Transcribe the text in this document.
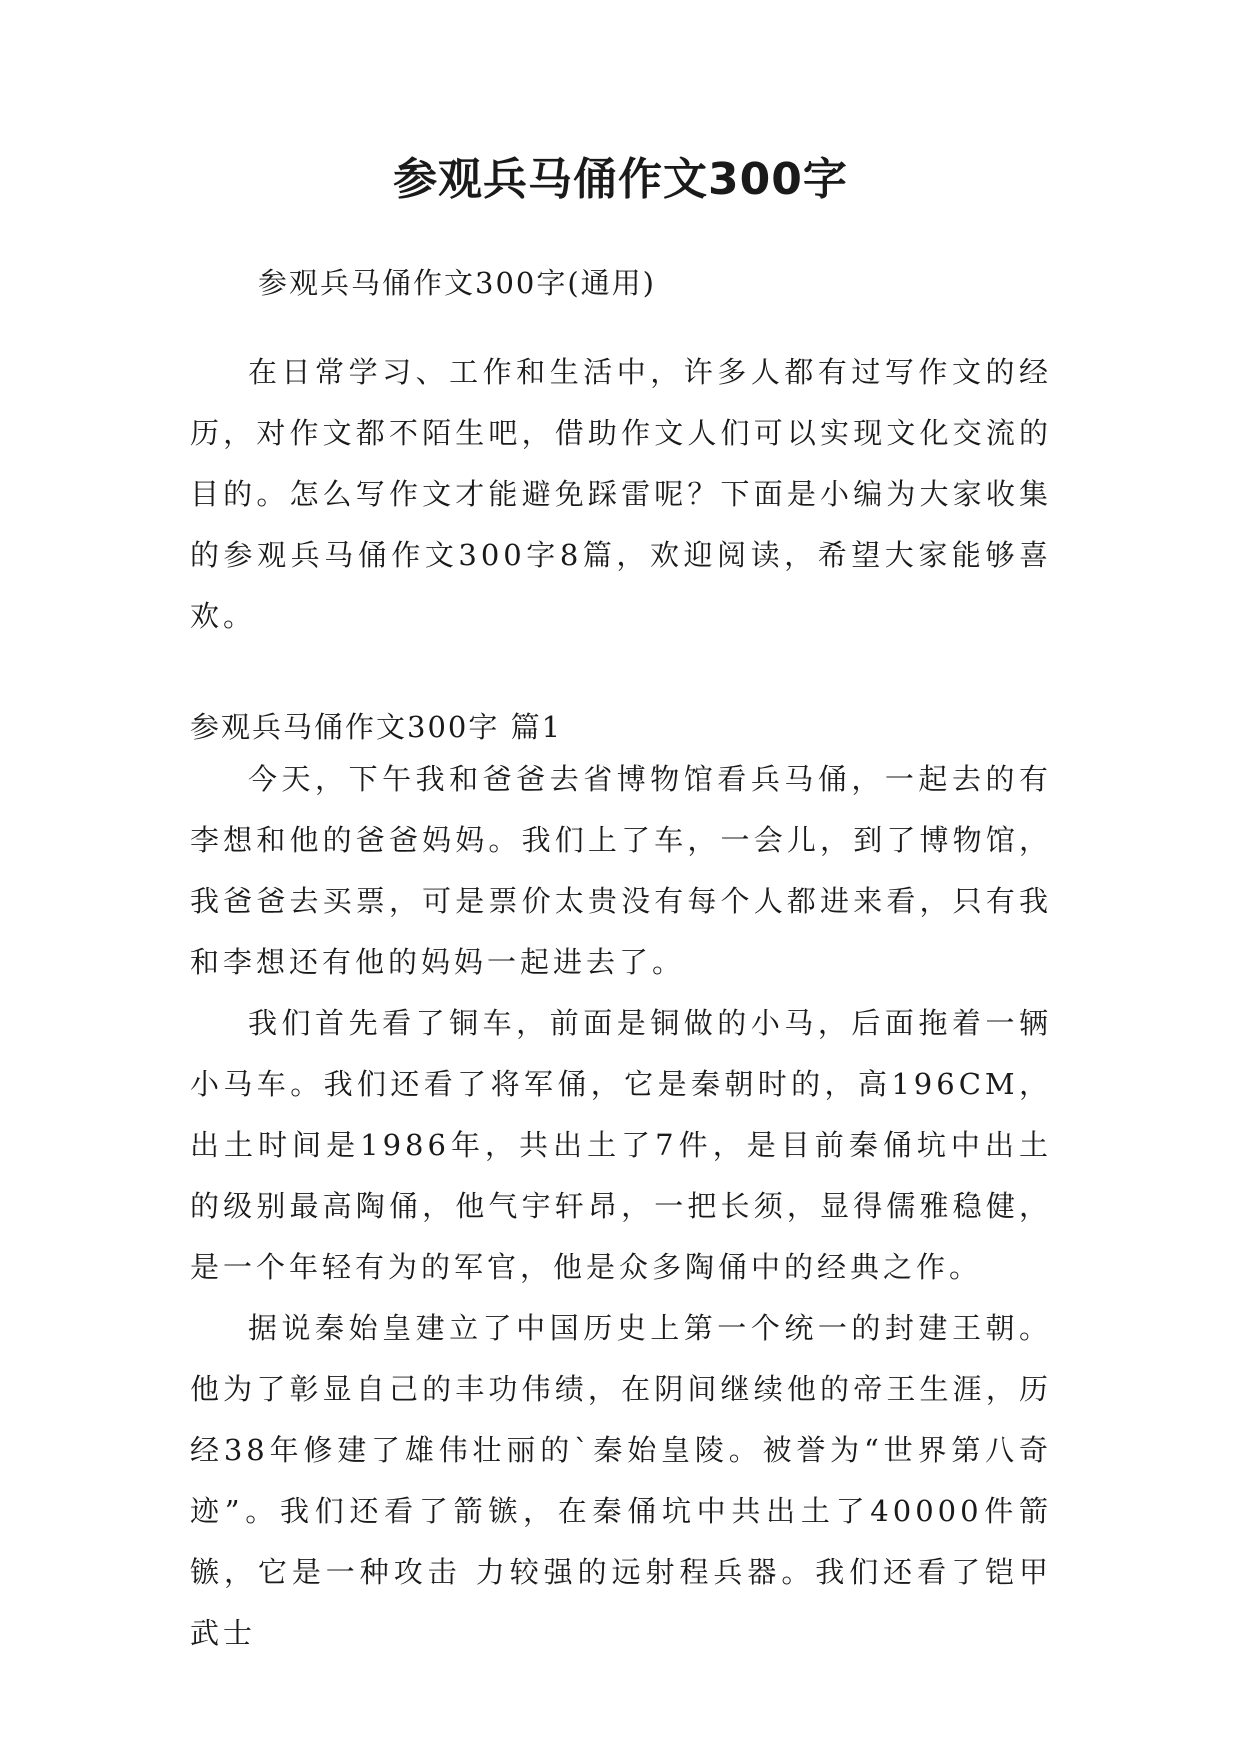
参观兵马俑作文300字
参观兵马俑作文300字(通用)

在日常学习、工作和生活中，许多人都有过写作文的经历，对作文都不陌生吧，借助作文人们可以实现文化交流的目的。怎么写作文才能避免踩雷呢？下面是小编为大家收集的参观兵马俑作文300字8篇，欢迎阅读，希望大家能够喜欢。

参观兵马俑作文300字 篇1

今天，下午我和爸爸去省博物馆看兵马俑，一起去的有李想和他的爸爸妈妈。我们上了车，一会儿，到了博物馆，我爸爸去买票，可是票价太贵没有每个人都进来看，只有我和李想还有他的妈妈一起进去了。

我们首先看了铜车，前面是铜做的小马，后面拖着一辆小马车。我们还看了将军俑，它是秦朝时的，高196CM，出土时间是1986年，共出土了7件，是目前秦俑坑中出土的级别最高陶俑，他气宇轩昂，一把长须，显得儒雅稳健，是一个年轻有为的军官，他是众多陶俑中的经典之作。

据说秦始皇建立了中国历史上第一个统一的封建王朝。他为了彰显自己的丰功伟绩，在阴间继续他的帝王生涯，历经38年修建了雄伟壮丽的`秦始皇陵。被誉为“世界第八奇迹”。我们还看了箭镞，在秦俑坑中共出土了40000件箭镞，它是一种攻击 力较强的远射程兵器。我们还看了铠甲武士
